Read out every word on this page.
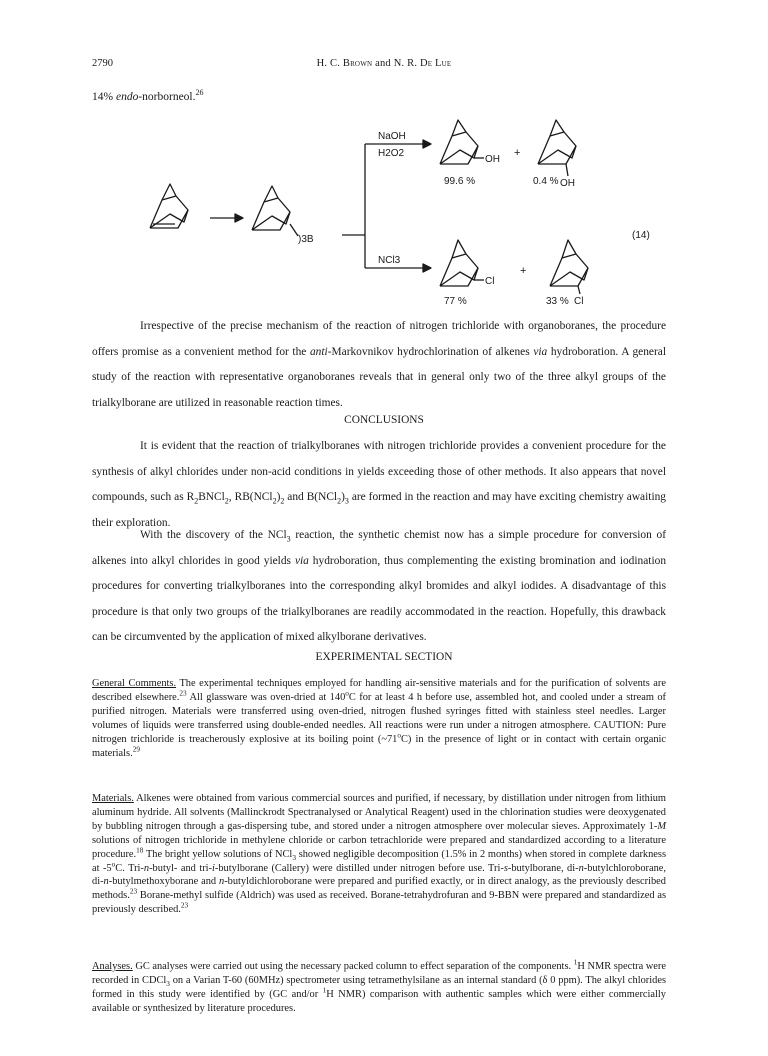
2790	H. C. Brown and N. R. De Lue
14% endo-norborneol.$^{26}$
NaOH
H2O2
NCl3
)3B
OH
+
OH
99.6 %	0.4 %
Cl
+
Cl
77 %	33 %
(14)

Irrespective of the precise mechanism of the reaction of nitrogen trichloride with organoboranes, the procedure offers promise as a convenient method for the anti-Markovnikov hydrochlorination of alkenes via hydroboration. A general study of the reaction with representative organoboranes reveals that in general only two of the three alkyl groups of the trialkylborane are utilized in reasonable reaction times.

CONCLUSIONS

It is evident that the reaction of trialkylboranes with nitrogen trichloride provides a convenient procedure for the synthesis of alkyl chlorides under non-acid conditions in yields exceeding those of other methods. It also appears that novel compounds, such as $R_2BNCl_2$, $RB(NCl_2)_2$ and $B(NCl_2)_3$ are formed in the reaction and may have exciting chemistry awaiting their exploration.

With the discovery of the NCl$_3$ reaction, the synthetic chemist now has a simple procedure for conversion of alkenes into alkyl chlorides in good yields via hydroboration, thus complementing the existing bromination and iodination procedures for converting trialkylboranes into the corresponding alkyl bromides and alkyl iodides. A disadvantage of this procedure is that only two groups of the trialkylboranes are readily accommodated in the reaction. Hopefully, this drawback can be circumvented by the application of mixed alkylborane derivatives.

EXPERIMENTAL SECTION

General Comments. The experimental techniques employed for handling air-sensitive materials and for the purification of solvents are described elsewhere.$^{23}$ All glassware was oven-dried at 140$^o$C for at least 4 h before use, assembled hot, and cooled under a stream of purified nitrogen. Materials were transferred using oven-dried, nitrogen flushed syringes fitted with stainless steel needles. Larger volumes of liquids were transferred using double-ended needles. All reactions were run under a nitrogen atmosphere. CAUTION: Pure nitrogen trichloride is treacherously explosive at its boiling point (~71$^o$C) in the presence of light or in contact with certain organic materials.$^{29}$

Materials. Alkenes were obtained from various commercial sources and purified, if necessary, by distillation under nitrogen from lithium aluminum hydride. All solvents (Mallinckrodt Spectranalysed or Analytical Reagent) used in the chlorination studies were deoxygenated by bubbling nitrogen through a gas-dispersing tube, and stored under a nitrogen atmosphere over molecular sieves. Approximately 1-M solutions of nitrogen trichloride in methylene chloride or carbon tetrachloride were prepared and standardized according to a literature procedure.$^{18}$ The bright yellow solutions of NCl$_3$ showed negligible decomposition (1.5% in 2 months) when stored in complete darkness at -5$^o$C. Tri-n-butyl- and tri-i-butylborane (Callery) were distilled under nitrogen before use. Tri-s-butylborane, di-n-butylchloroborane, di-n-butylmethoxyborane and n-butyldichloroborane were prepared and purified exactly, or in direct analogy, as the previously described methods.$^{23}$ Borane-methyl sulfide (Aldrich) was used as received. Borane-tetrahydrofuran and 9-BBN were prepared and standardized as previously described.$^{23}$

Analyses. GC analyses were carried out using the necessary packed column to effect separation of the components. $^1$H NMR spectra were recorded in CDCl$_3$ on a Varian T-60 (60MHz) spectrometer using tetramethylsilane as an internal standard (δ 0 ppm). The alkyl chlorides formed in this study were identified by (GC and/or $^1$H NMR) comparison with authentic samples which were either commercially available or synthesized by literature procedures.
